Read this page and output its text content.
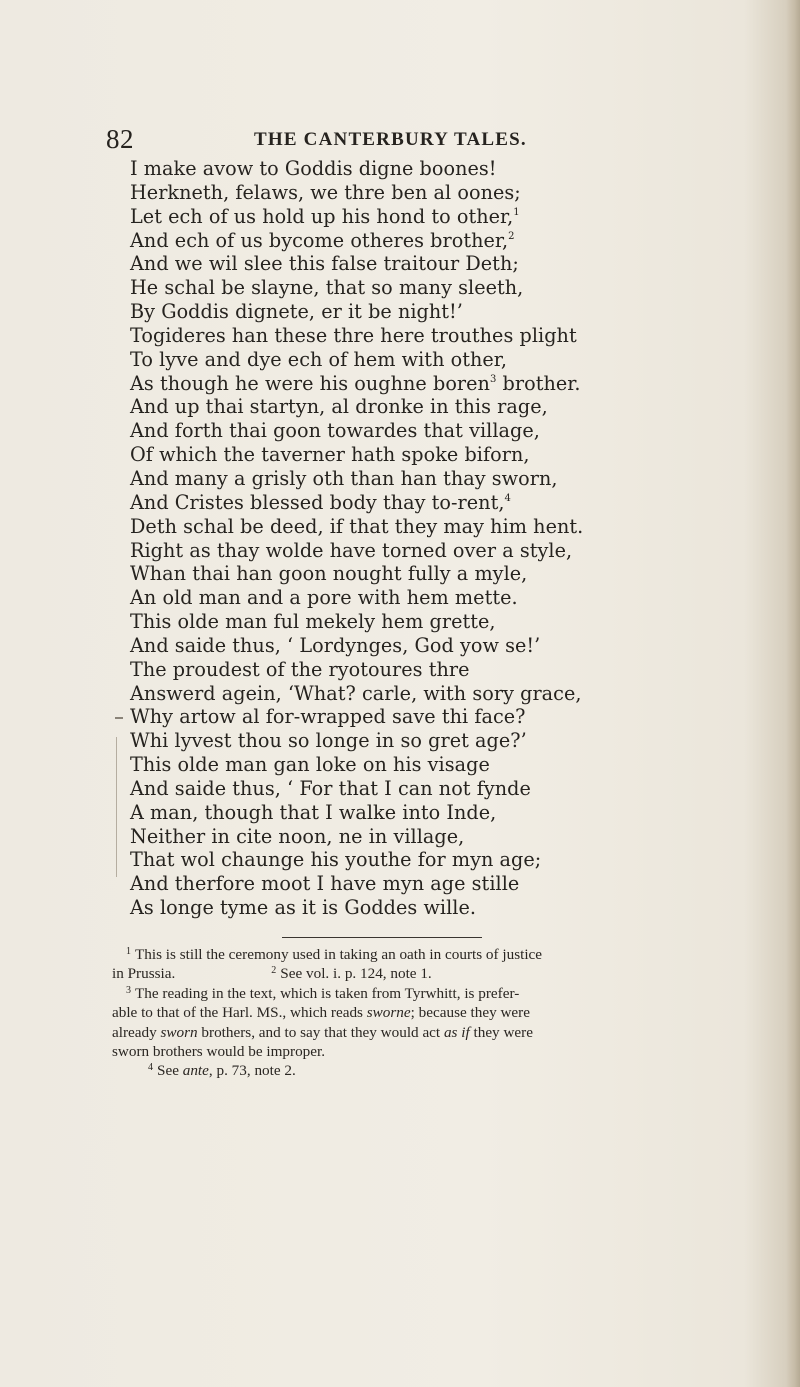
82	THE CANTERBURY TALES.
I make avow to Goddis digne boones!
Herkneth, felaws, we thre ben al oones;
Let ech of us hold up his hond to other,$^1$
And ech of us bycome otheres brother,$^2$
And we wil slee this false traitour Deth;
He schal be slayne, that so many sleeth,
By Goddis dignete, er it be night!’
Togideres han these thre here trouthes plight
To lyve and dye ech of hem with other,
As though he were his oughne boren$^3$ brother.
And up thai startyn, al dronke in this rage,
And forth thai goon towardes that village,
Of which the taverner hath spoke biforn,
And many a grisly oth than han thay sworn,
And Cristes blessed body thay to-rent,$^4$
Deth schal be deed, if that they may him hent.
Right as thay wolde have torned over a style,
Whan thai han goon nought fully a myle,
An old man and a pore with hem mette.
This olde man ful mekely hem grette,
And saide thus, ‘ Lordynges, God yow se!’
The proudest of the ryotoures thre
Answerd agein, ‘What? carle, with sory grace,
Why artow al for-wrapped save thi face?
Whi lyvest thou so longe in so gret age?’
This olde man gan loke on his visage
And saide thus, ‘ For that I can not fynde
A man, though that I walke into Inde,
Neither in cite noon, ne in village,
That wol chaunge his youthe for myn age;
And therfore moot I have myn age stille
As longe tyme as it is Goddes wille.
$^1$ This is still the ceremony used in taking an oath in courts of justice
in Prussia.	$^2$ See vol. i. p. 124, note 1.
$^3$ The reading in the text, which is taken from Tyrwhitt, is prefer-
able to that of the Harl. MS., which reads sworne; because they were
already sworn brothers, and to say that they would act as if they were
sworn brothers would be improper.
$^4$ See ante, p. 73, note 2.
